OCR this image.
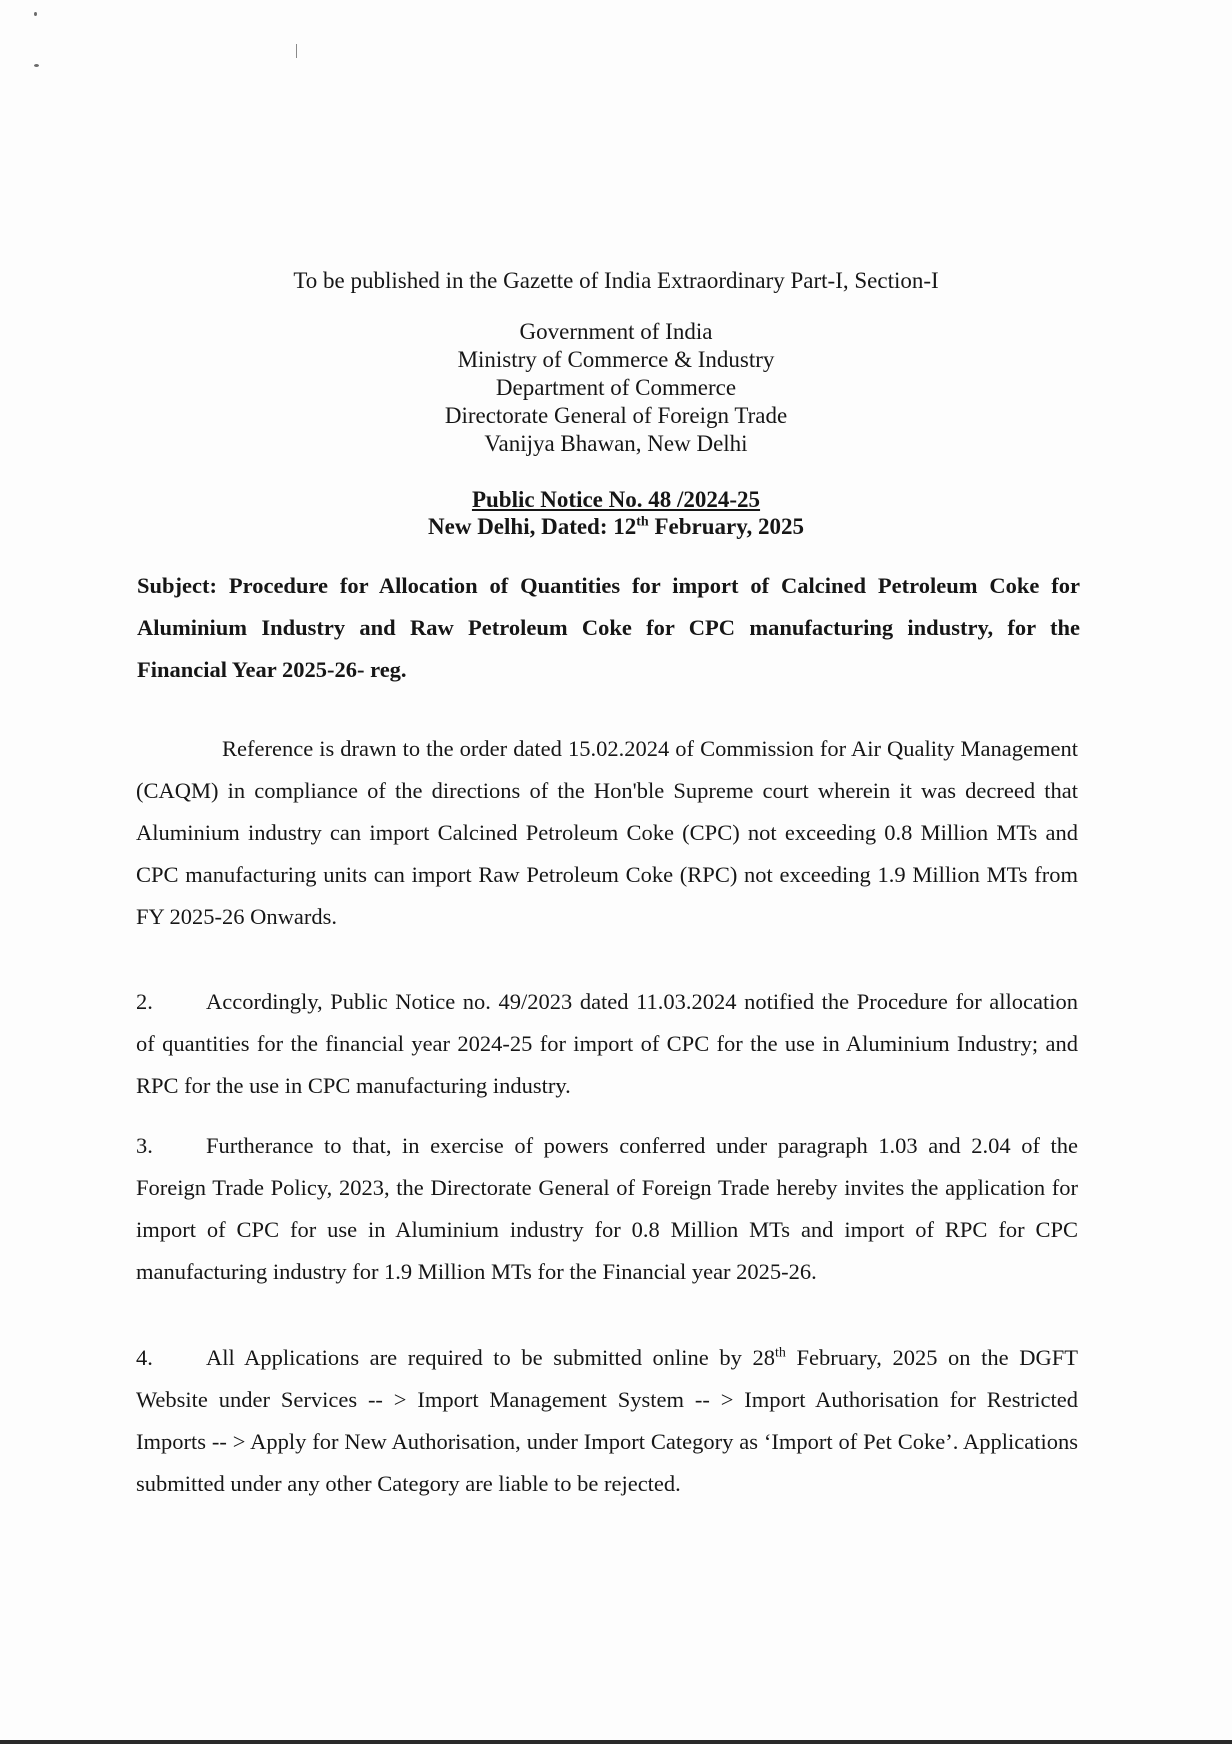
To be published in the Gazette of India Extraordinary Part-I, Section-I
Government of India
Ministry of Commerce & Industry
Department of Commerce
Directorate General of Foreign Trade
Vanijya Bhawan, New Delhi
Public Notice No. 48 /2024-25
New Delhi, Dated: 12th February, 2025
Subject: Procedure for Allocation of Quantities for import of Calcined Petroleum Coke for Aluminium Industry and Raw Petroleum Coke for CPC manufacturing industry, for the Financial Year 2025-26- reg.
Reference is drawn to the order dated 15.02.2024 of Commission for Air Quality Management (CAQM) in compliance of the directions of the Hon'ble Supreme court wherein it was decreed that Aluminium industry can import Calcined Petroleum Coke (CPC) not exceeding 0.8 Million MTs and CPC manufacturing units can import Raw Petroleum Coke (RPC) not exceeding 1.9 Million MTs from FY 2025-26 Onwards.
2. Accordingly, Public Notice no. 49/2023 dated 11.03.2024 notified the Procedure for allocation of quantities for the financial year 2024-25 for import of CPC for the use in Aluminium Industry; and RPC for the use in CPC manufacturing industry.
3. Furtherance to that, in exercise of powers conferred under paragraph 1.03 and 2.04 of the Foreign Trade Policy, 2023, the Directorate General of Foreign Trade hereby invites the application for import of CPC for use in Aluminium industry for 0.8 Million MTs and import of RPC for CPC manufacturing industry for 1.9 Million MTs for the Financial year 2025-26.
4. All Applications are required to be submitted online by 28th February, 2025 on the DGFT Website under Services -- > Import Management System -- > Import Authorisation for Restricted Imports -- > Apply for New Authorisation, under Import Category as ‘Import of Pet Coke’. Applications submitted under any other Category are liable to be rejected.
